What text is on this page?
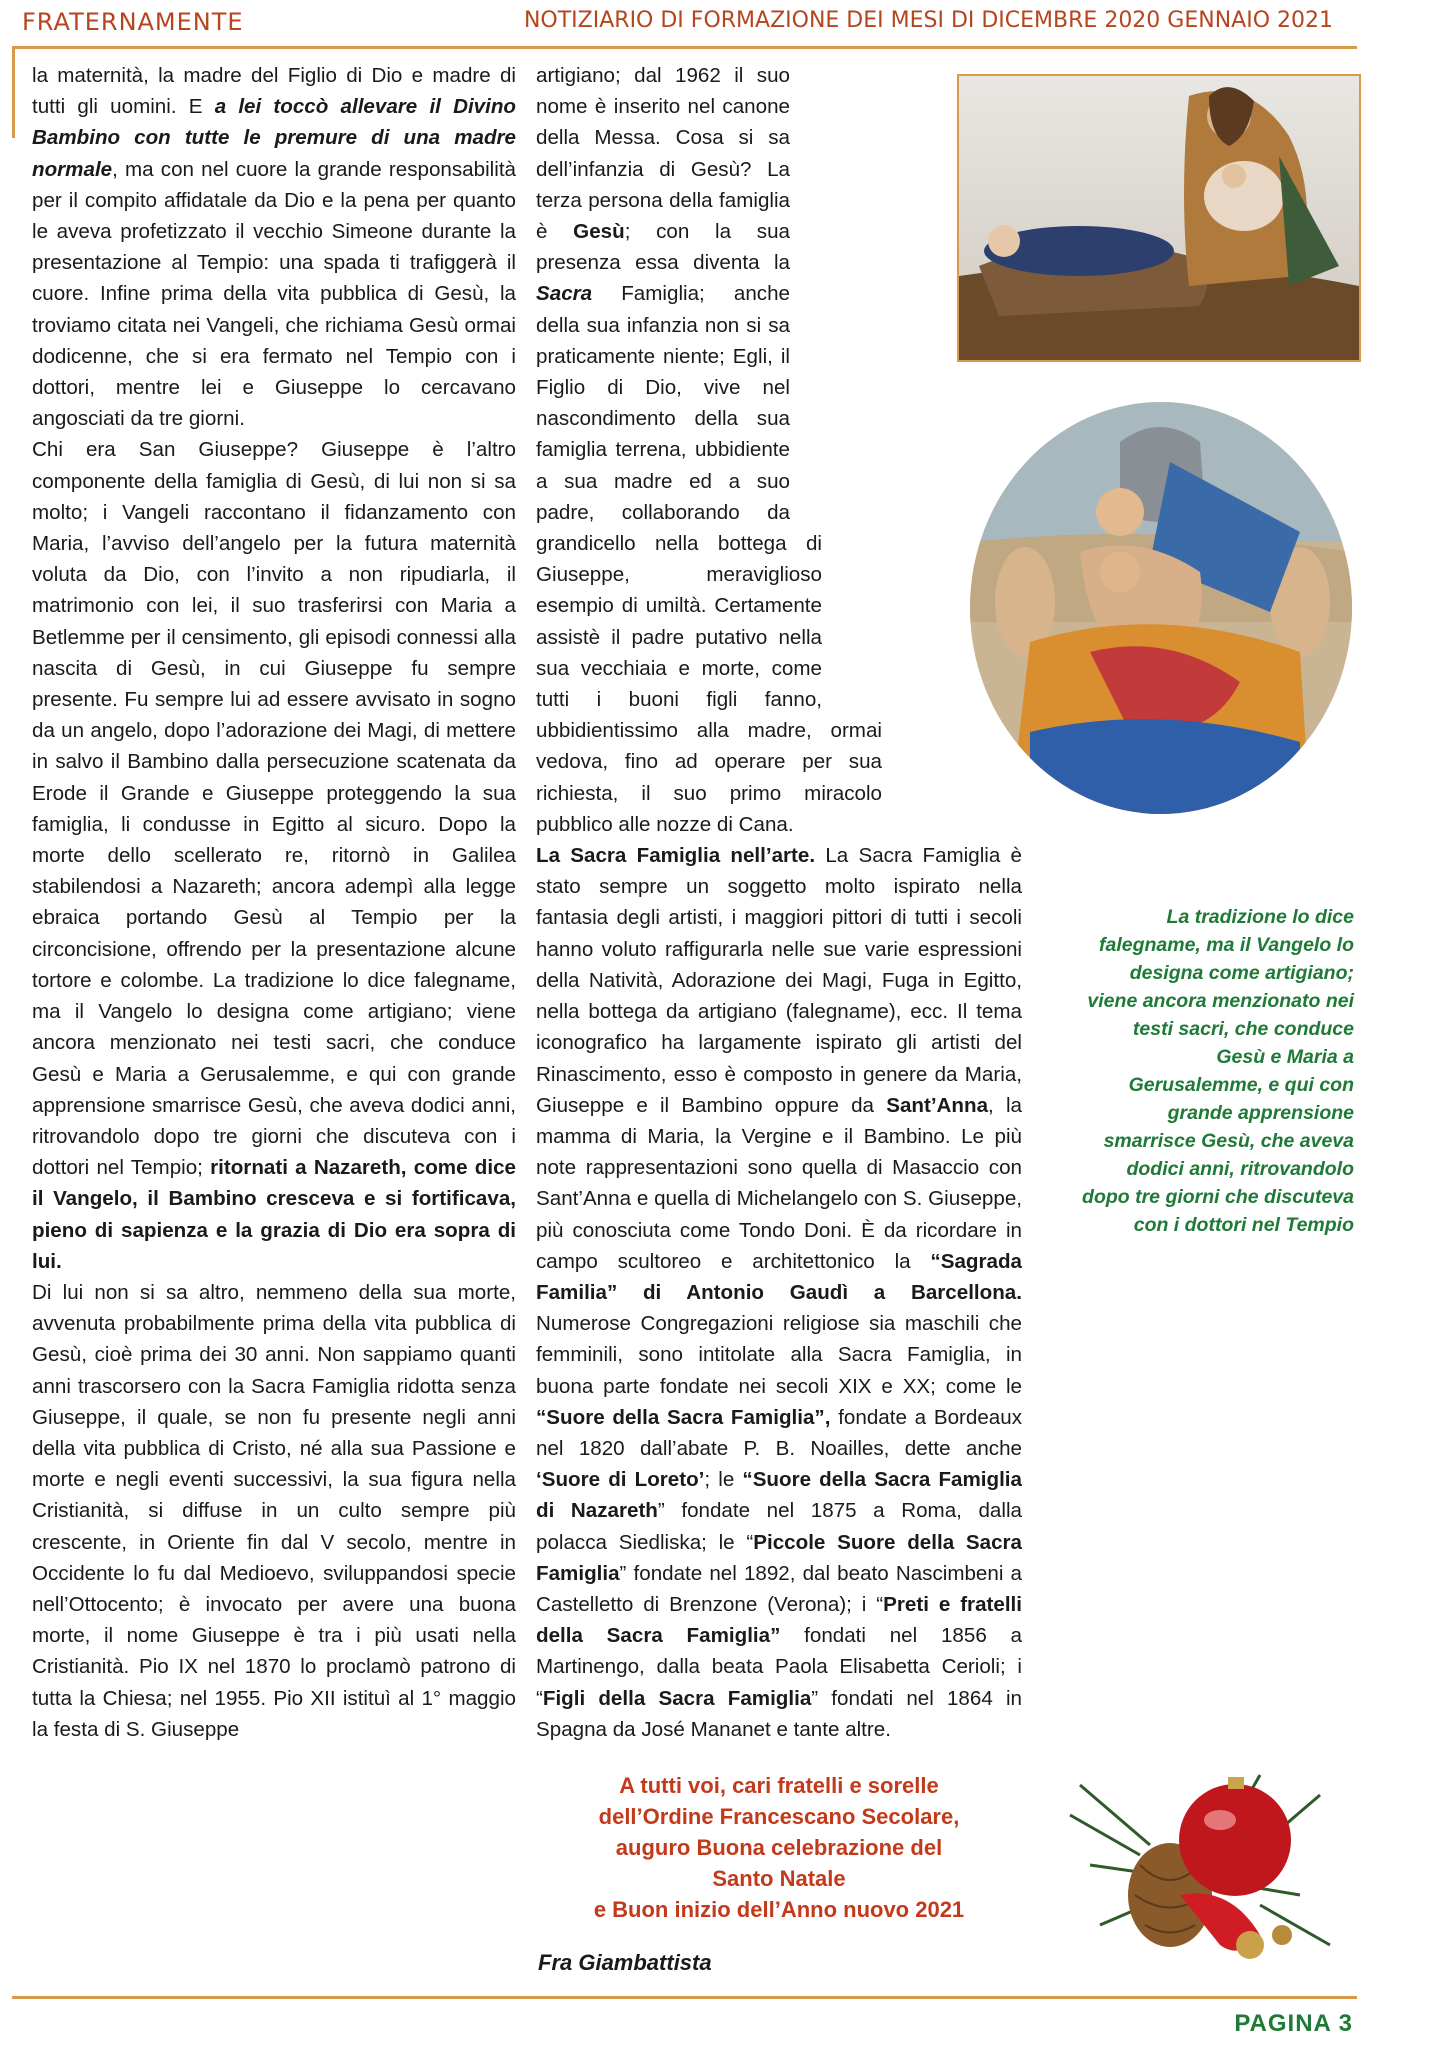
FRATERNAMENTE	NOTIZIARIO DI FORMAZIONE DEI MESI DI DICEMBRE 2020 GENNAIO 2021

la maternità, la madre del Figlio di Dio e madre di tutti gli uomini. E a lei toccò allevare il Divino Bambino con tutte le premure di una madre normale, ma con nel cuore la grande responsabilità per il compito affidatale da Dio e la pena per quanto le aveva profetizzato il vecchio Simeone durante la presentazione al Tempio: una spada ti trafiggerà il cuore. Infine prima della vita pubblica di Gesù, la troviamo citata nei Vangeli, che richiama Gesù ormai dodicenne, che si era fermato nel Tempio con i dottori, mentre lei e Giuseppe lo cercavano angosciati da tre giorni.

Chi era San Giuseppe? Giuseppe è l’altro componente della famiglia di Gesù, di lui non si sa molto; i Vangeli raccontano il fidanzamento con Maria, l’avviso dell’angelo per la futura maternità voluta da Dio, con l’invito a non ripudiarla, il matrimonio con lei, il suo trasferirsi con Maria a Betlemme per il censimento, gli episodi connessi alla nascita di Gesù, in cui Giuseppe fu sempre presente. Fu sempre lui ad essere avvisato in sogno da un angelo, dopo l’adorazione dei Magi, di mettere in salvo il Bambino dalla persecuzione scatenata da Erode il Grande e Giuseppe proteggendo la sua famiglia, li condusse in Egitto al sicuro. Dopo la morte dello scellerato re, ritornò in Galilea stabilendosi a Nazareth; ancora adempì alla legge ebraica portando Gesù al Tempio per la circoncisione, offrendo per la presentazione alcune tortore e colombe. La tradizione lo dice falegname, ma il Vangelo lo designa come artigiano; viene ancora menzionato nei testi sacri, che conduce Gesù e Maria a Gerusalemme, e qui con grande apprensione smarrisce Gesù, che aveva dodici anni, ritrovandolo dopo tre giorni che discuteva con i dottori nel Tempio; ritornati a Nazareth, come dice il Vangelo, il Bambino cresceva e si fortificava, pieno di sapienza e la grazia di Dio era sopra di lui.

Di lui non si sa altro, nemmeno della sua morte, avvenuta probabilmente prima della vita pubblica di Gesù, cioè prima dei 30 anni. Non sappiamo quanti anni trascorsero con la Sacra Famiglia ridotta senza Giuseppe, il quale, se non fu presente negli anni della vita pubblica di Cristo, né alla sua Passione e morte e negli eventi successivi, la sua figura nella Cristianità, si diffuse in un culto sempre più crescente, in Oriente fin dal V secolo, mentre in Occidente lo fu dal Medioevo, sviluppandosi specie nell’Ottocento; è invocato per avere una buona morte, il nome Giuseppe è tra i più usati nella Cristianità. Pio IX nel 1870 lo proclamò patrono di tutta la Chiesa; nel 1955. Pio XII istituì al 1° maggio la festa di S. Giuseppe

artigiano; dal 1962 il suo nome è inserito nel canone della Messa. Cosa si sa dell’infanzia di Gesù? La terza persona della famiglia è Gesù; con la sua presenza essa diventa la Sacra Famiglia; anche della sua infanzia non si sa praticamente niente; Egli, il Figlio di Dio, vive nel nascondimento della sua famiglia terrena, ubbidiente a sua madre ed a suo padre, collaborando da grandicello nella bottega di Giuseppe, meraviglioso esempio di umiltà. Certamente assistè il padre putativo nella sua vecchiaia e morte, come tutti i buoni figli fanno, ubbidientissimo alla madre, ormai vedova, fino ad operare per sua richiesta, il suo primo miracolo pubblico alle nozze di Cana.

La Sacra Famiglia nell’arte. La Sacra Famiglia è stato sempre un soggetto molto ispirato nella fantasia degli artisti, i maggiori pittori di tutti i secoli hanno voluto raffigurarla nelle sue varie espressioni della Natività, Adorazione dei Magi, Fuga in Egitto, nella bottega da artigiano (falegname), ecc. Il tema iconografico ha largamente ispirato gli artisti del Rinascimento, esso è composto in genere da Maria, Giuseppe e il Bambino oppure da Sant’Anna, la mamma di Maria, la Vergine e il Bambino. Le più note rappresentazioni sono quella di Masaccio con Sant’Anna e quella di Michelangelo con S. Giuseppe, più conosciuta come Tondo Doni. È da ricordare in campo scultoreo e architettonico la “Sagrada Familia” di Antonio Gaudì a Barcellona. Numerose Congregazioni religiose sia maschili che femminili, sono intitolate alla Sacra Famiglia, in buona parte fondate nei secoli XIX e XX; come le “Suore della Sacra Famiglia”, fondate a Bordeaux nel 1820 dall’abate P. B. Noailles, dette anche ‘Suore di Loreto’; le “Suore della Sacra Famiglia di Nazareth” fondate nel 1875 a Roma, dalla polacca Siedliska; le “Piccole Suore della Sacra Famiglia” fondate nel 1892, dal beato Nascimbeni a Castelletto di Brenzone (Verona); i “Preti e fratelli della Sacra Famiglia” fondati nel 1856 a Martinengo, dalla beata Paola Elisabetta Cerioli; i “Figli della Sacra Famiglia” fondati nel 1864 in Spagna da José Mananet e tante altre.

La tradizione lo dice falegname, ma il Vangelo lo designa come artigiano; viene ancora menzionato nei testi sacri, che conduce Gesù e Maria a Gerusalemme, e qui con grande apprensione smarrisce Gesù, che aveva dodici anni, ritrovandolo dopo tre giorni che discuteva con i dottori nel Tempio
A tutti voi, cari fratelli e sorelle
dell’Ordine Francescano Secolare,
auguro Buona celebrazione del
Santo Natale
e Buon inizio dell’Anno nuovo 2021
Fra Giambattista
PAGINA 3
